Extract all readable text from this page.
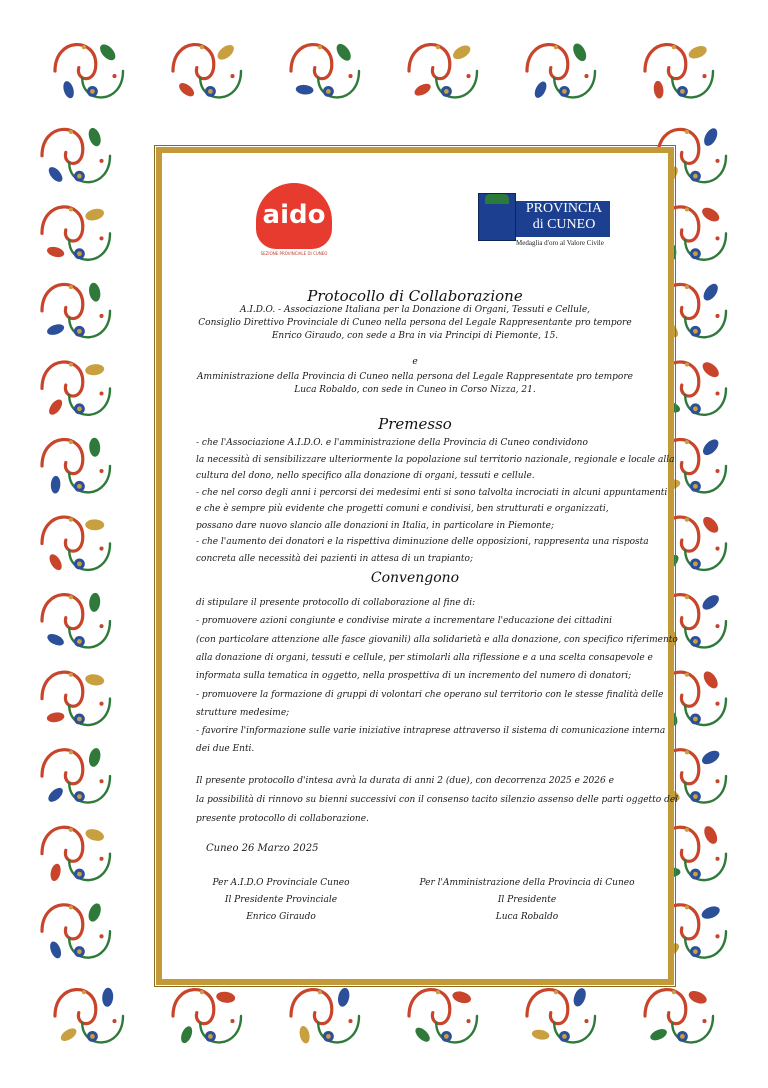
aido
SEZIONE PROVINCIALE DI CUNEO
PROVINCIA
di CUNEO
Medaglia d'oro al Valore Civile
Protocollo di Collaborazione
A.I.D.O. - Associazione Italiana per la Donazione di Organi, Tessuti e Cellule,
Consiglio Direttivo Provinciale di Cuneo nella persona del Legale Rappresentante pro tempore
Enrico Giraudo, con sede a Bra in via Principi di Piemonte, 15.
e
Amministrazione della Provincia di Cuneo nella persona del Legale Rappresentate pro tempore
Luca Robaldo, con sede in Cuneo in Corso Nizza, 21.
Premesso
- che l'Associazione A.I.D.O. e l'amministrazione della Provincia di Cuneo condividono
la necessità di sensibilizzare ulteriormente la popolazione sul territorio nazionale, regionale e locale alla
cultura del dono, nello specifico alla donazione di organi, tessuti e cellule.
- che nel corso degli anni i percorsi dei medesimi enti si sono talvolta incrociati in alcuni appuntamenti
e che è sempre più evidente che progetti comuni e condivisi, ben strutturati e organizzati,
possano dare nuovo slancio alle donazioni in Italia, in particolare in Piemonte;
- che l'aumento dei donatori e la rispettiva diminuzione delle opposizioni, rappresenta una risposta
concreta alle necessità dei pazienti in attesa di un trapianto;
Convengono
di stipulare il presente protocollo di collaborazione al fine di:
- promuovere azioni congiunte e condivise mirate a incrementare l'educazione dei cittadini
(con particolare attenzione alle fasce giovanili) alla solidarietà e alla donazione, con specifico riferimento
alla donazione di organi, tessuti e cellule, per stimolarli alla riflessione e a una scelta consapevole e
informata sulla tematica in oggetto, nella prospettiva di un incremento del numero di donatori;
- promuovere la formazione di gruppi di volontari che operano sul territorio con le stesse finalità delle
strutture medesime;
- favorire l'informazione sulle varie iniziative intraprese attraverso il sistema di comunicazione interna
dei due Enti.
Il presente protocollo d'intesa avrà la durata di anni 2 (due), con decorrenza 2025 e 2026 e
la possibilità di rinnovo su bienni successivi con il consenso tacito silenzio assenso delle parti oggetto del
presente protocollo di collaborazione.
Cuneo 26 Marzo 2025
Per A.I.D.O Provinciale Cuneo
Il Presidente Provinciale
Enrico Giraudo
Per l'Amministrazione della Provincia di Cuneo
Il Presidente
Luca Robaldo
